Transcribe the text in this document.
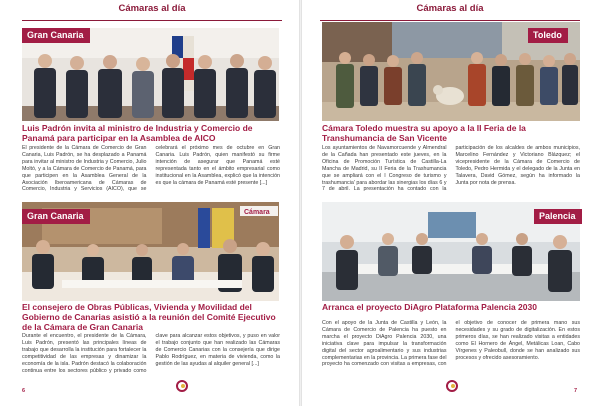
Cámaras al día
Gran Canaria
Luis Padrón invita al ministro de Industria y Comercio de Panamá para participar en la Asamblea de AICO

El presidente de la Cámara de Comercio de Gran Canaria, Luis Padrón, se ha desplazado a Panamá para invitar al ministro de Industria y Comercio, Julio Moltó, y a la Cámara de Comercio de Panamá, para que participen en la Asamblea General de la Asociación Iberoamericana de Cámaras de Comercio, Industria y Servicios (AICO), que se celebrará el próximo mes de octubre en Gran Canaria. Luis Padrón, quien manifestó su firme intención de asegurar que Panamá esté representada tanto en el ámbito empresarial como institucional en la Asamblea, explicó que la intención es que la cámara de Panamá esté presente [...]

Cámara
Gran Canaria
El consejero de Obras Públicas, Vivienda y Movilidad del Gobierno de Canarias asistió a la reunión del Comité Ejecutivo de la Cámara de Gran Canaria

Durante el encuentro, el presidente de la Cámara, Luis Padrón, presentó las principales líneas de trabajo que desarrolla la institución para fortalecer la competitividad de las empresas y dinamizar la economía de la isla. Padrón destacó la colaboración continua entre los sectores público y privado como clave para alcanzar estos objetivos, y puso en valor el trabajo conjunto que han realizado las Cámaras de Comercio Canarias con la consejería que dirige Pablo Rodríguez, en materia de vivienda, como la gestión de las ayudas al alquiler general [...]

6
Cámaras al día
Toledo
Cámara Toledo muestra su apoyo a la II Feria de la Transhumancia de San Vicente

Los ayuntamientos de Navamorcuende y Almendral de la Cañada han presentado este jueves, en la Oficina de Promoción Turística de Castilla-La Mancha de Madrid, su II Feria de la Trashumancia que se ampliará con el I Congreso de turismo y trashumancia' para abordar las sinergias los días 6 y 7 de abril. La presentación ha contado con la participación de los alcaldes de ambos municipios, Marcelino Fernández y Victoriano Blázquez; el vicepresidente de la Cámara de Comercio de Toledo, Pedro Hermida y el delegado de la Junta en Talavera, David Gómez, según ha informado la Junta por nota de prensa.

Palencia
Arranca el proyecto DiAgro Plataforma Palencia 2030

Con el apoyo de la Junta de Castilla y León, la Cámara de Comercio de Palencia ha puesto en marcha el proyecto DiAgro Palencia 2030, una iniciativa clave para impulsar la transformación digital del sector agroalimentario y sus industrias complementarias en la provincia. La primera fase del proyecto ha comenzado con visitas a empresas, con el objetivo de conocer de primera mano sus necesidades y su grado de digitalización. En estos primeros días, se han realizado visitas a entidades como El Hornero de Ángel, Metálicas Loan, Cabo Vírgenes y Paleobull, donde se han analizado sus procesos y ofrecido asesoramiento.

7
